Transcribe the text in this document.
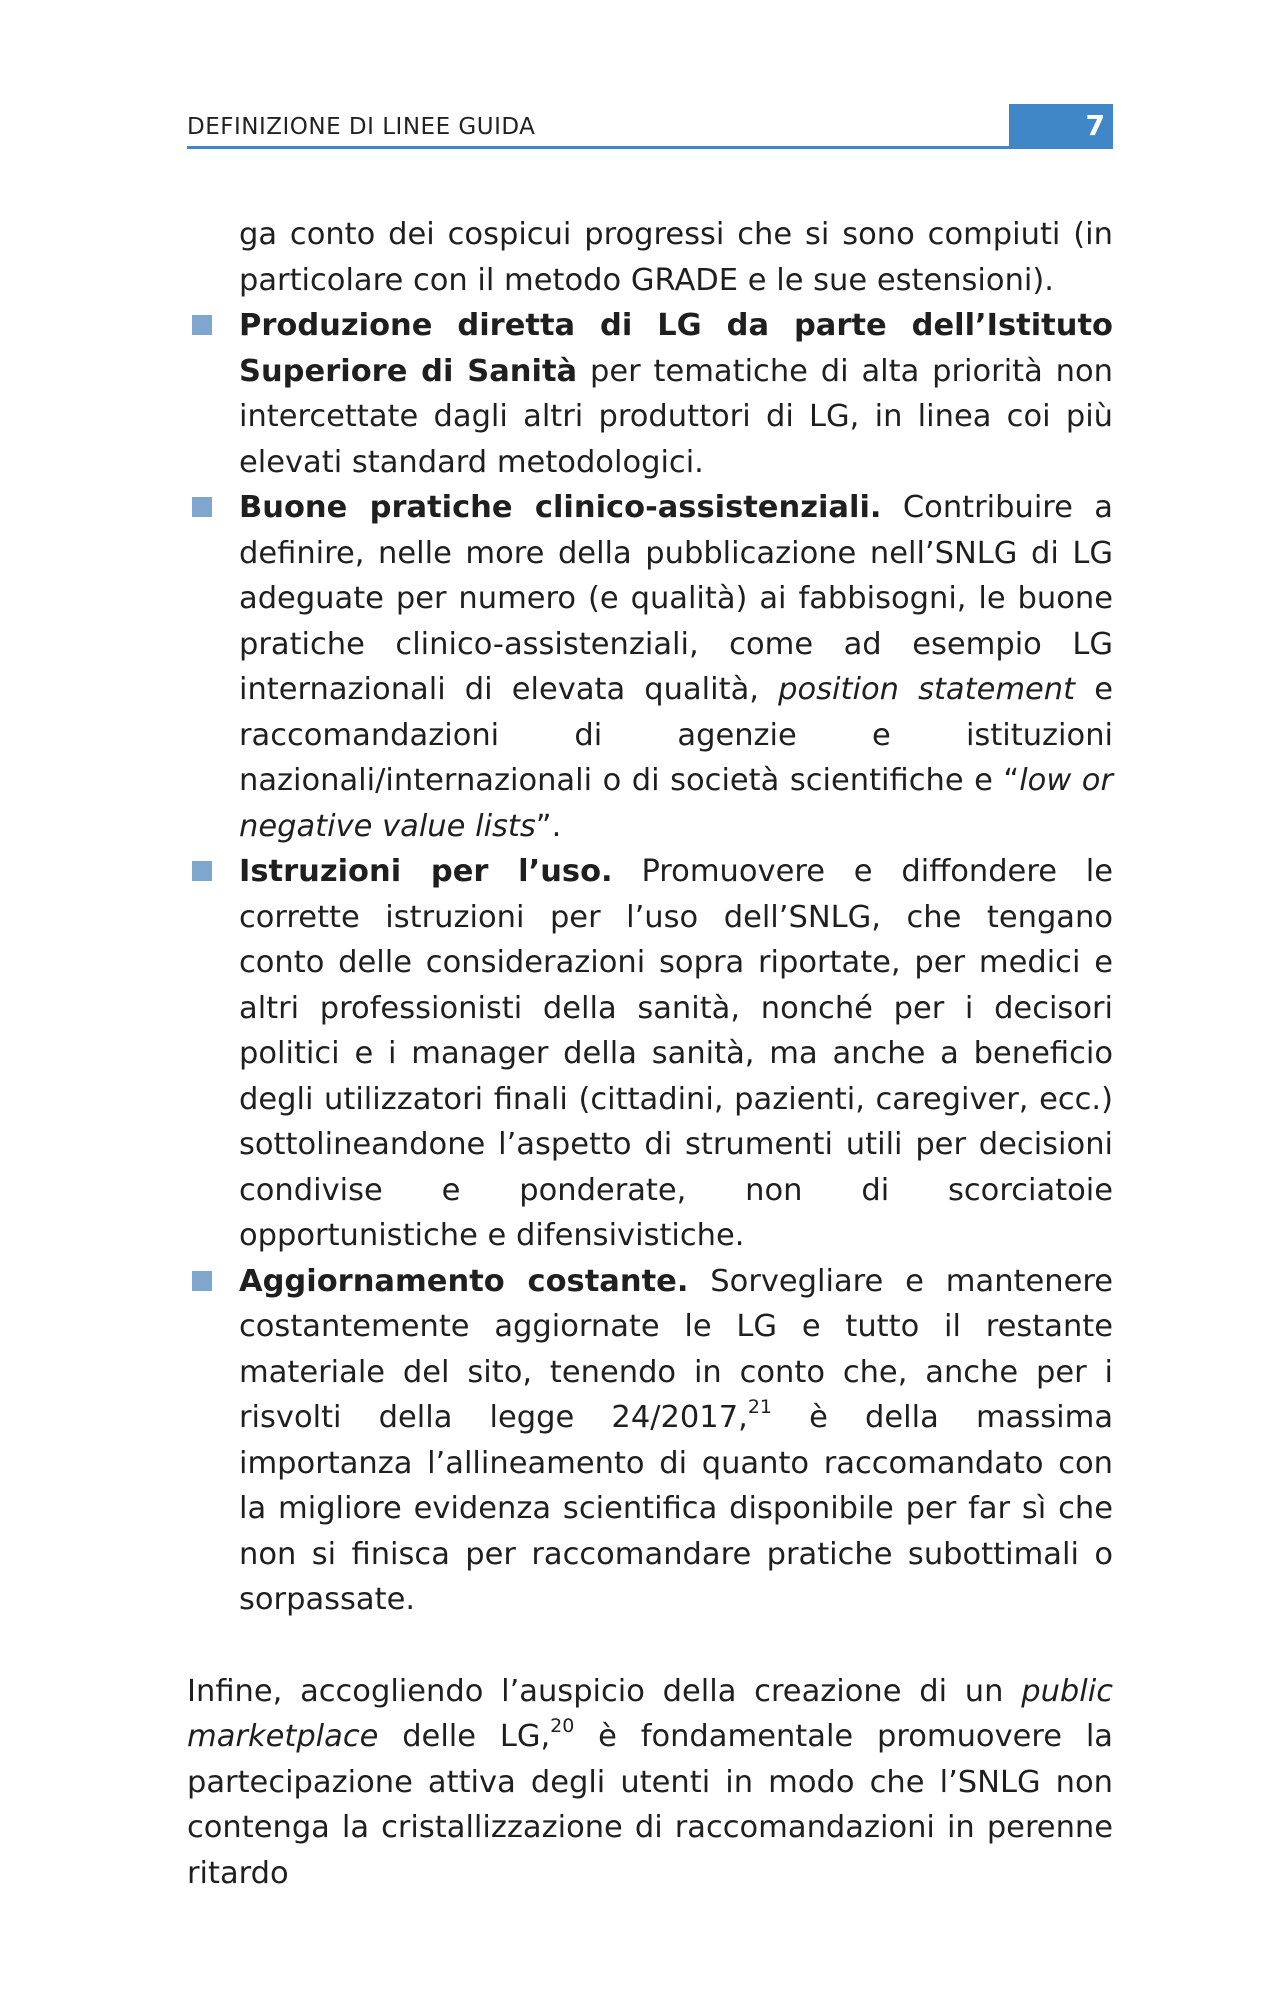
DEFINIZIONE DI LINEE GUIDA	7

ga conto dei cospicui progressi che si sono compiuti (in particolare con il metodo GRADE e le sue estensioni).

Produzione diretta di LG da parte dell’Istituto Superiore di Sanità per tematiche di alta priorità non intercettate dagli altri produttori di LG, in linea coi più elevati standard metodologici.
Buone pratiche clinico-assistenziali. Contribuire a definire, nelle more della pubblicazione nell’SNLG di LG adeguate per numero (e qualità) ai fabbisogni, le buone pratiche clinico-assistenziali, come ad esempio LG internazionali di elevata qualità, position statement e raccomandazioni di agenzie e istituzioni nazionali/internazionali o di società scientifiche e “low or negative value lists”.
Istruzioni per l’uso. Promuovere e diffondere le corrette istruzioni per l’uso dell’SNLG, che tengano conto delle considerazioni sopra riportate, per medici e altri professionisti della sanità, nonché per i decisori politici e i manager della sanità, ma anche a beneficio degli utilizzatori finali (cittadini, pazienti, caregiver, ecc.) sottolineandone l’aspetto di strumenti utili per decisioni condivise e ponderate, non di scorciatoie opportunistiche e difensivistiche.
Aggiornamento costante. Sorvegliare e mantenere costantemente aggiornate le LG e tutto il restante materiale del sito, tenendo in conto che, anche per i risvolti della legge 24/2017,21 è della massima importanza l’allineamento di quanto raccomandato con la migliore evidenza scientifica disponibile per far sì che non si finisca per raccomandare pratiche subottimali o sorpassate.

Infine, accogliendo l’auspicio della creazione di un public marketplace delle LG,$^{20}$ è fondamentale promuovere la partecipazione attiva degli utenti in modo che l’SNLG non contenga la cristallizzazione di raccomandazioni in perenne ritardo
